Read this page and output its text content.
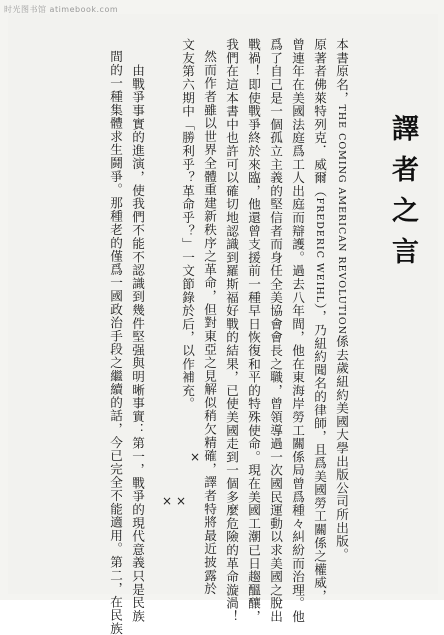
时光图书馆 atimebook.com
譯者之言
本書原名，THE COMING AMERICAN REVOLUTION係去歲紐約美國大學出版公司所出版。
原著者佛萊特列克．威爾（FREDERIC WEIHL），乃紐約聞名的律師，且爲美國勞工關係之權威，
曾連年在美國法庭爲工人出庭而辯護。過去八年間，他在東海岸勞工關係局曾爲種々糾紛而治理。他
爲了自己是一個孤立主義的堅信者而身任全美協會會長之職，曾領導過一次國民運動以求美國之脫出
戰禍！即使戰爭終於來臨，他還曾支援前一種早日恢復和平的特殊使命。現在美國工潮已日趨醞釀，
我們在這本書中也許可以確切地認識到羅斯福好戰的結果，已使美國走到一個多麼危險的革命漩渦！
然而作者雖以世界全體重建新秩序之革命，但對東亞之見解似稍欠精確，譯者特將最近披露於
文友第六期中「勝利乎？革命乎？」一文節錄於后，以作補充。
由戰爭事實的進演，使我們不能不認識到幾件堅强與明晰事實：第一，戰爭的現代意義只是民族
間的一種集體求生鬪爭。那種老的僅爲一國政治手段之繼續的話，今已完全不能適用。第二，在民族	×
×
×
